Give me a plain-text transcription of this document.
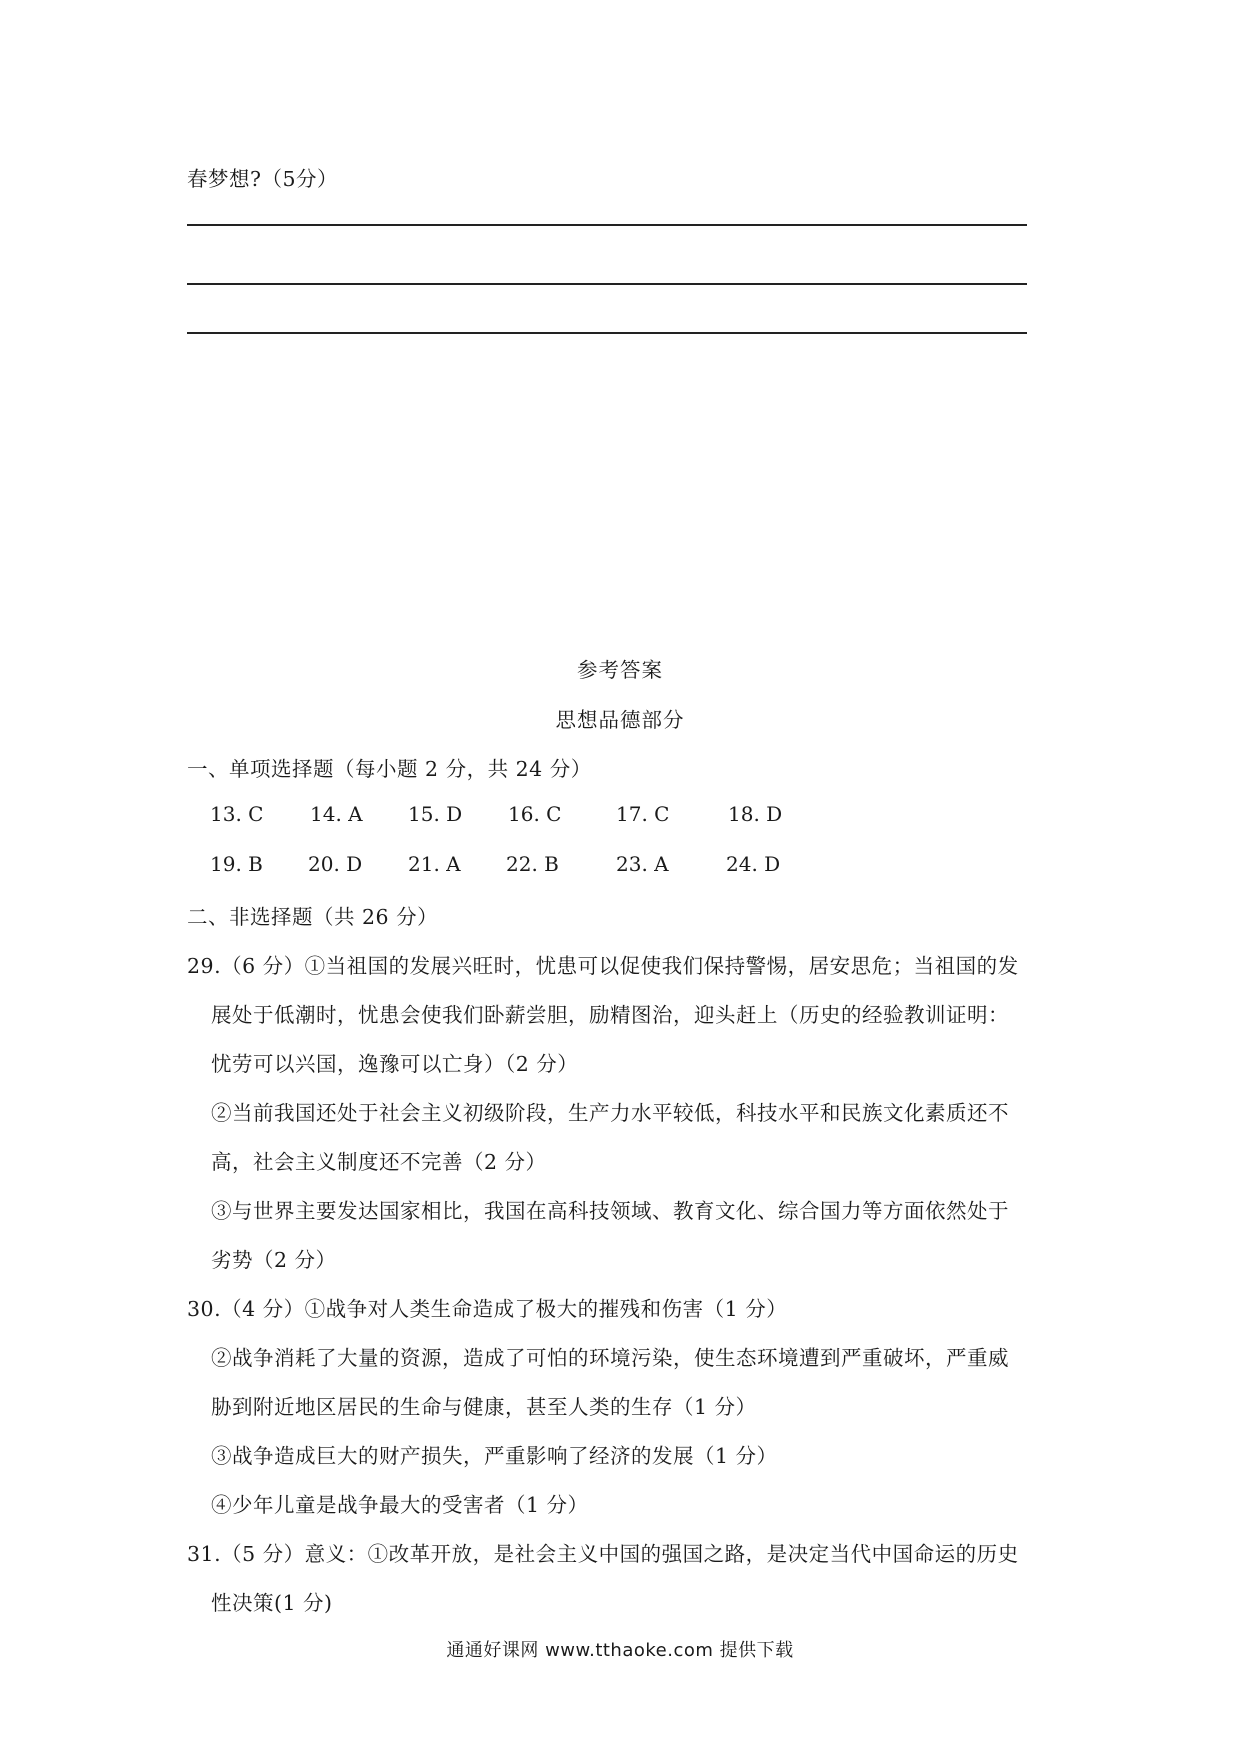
春梦想?（5分）
参考答案
思想品德部分
一、单项选择题（每小题 2 分，共 24 分）
13. C 14. A 15. D 16. C	17. C	18. D
19. B 20. D 21. A 22. B	23. A	24. D
二、非选择题（共 26 分）
29.（6 分）①当祖国的发展兴旺时，忧患可以促使我们保持警惕，居安思危；当祖国的发
展处于低潮时，忧患会使我们卧薪尝胆，励精图治，迎头赶上（历史的经验教训证明：
忧劳可以兴国，逸豫可以亡身）（2 分）
②当前我国还处于社会主义初级阶段，生产力水平较低，科技水平和民族文化素质还不
高，社会主义制度还不完善（2 分）
③与世界主要发达国家相比，我国在高科技领域、教育文化、综合国力等方面依然处于
劣势（2 分）
30.（4 分）①战争对人类生命造成了极大的摧残和伤害（1 分）
②战争消耗了大量的资源，造成了可怕的环境污染，使生态环境遭到严重破坏，严重威
胁到附近地区居民的生命与健康，甚至人类的生存（1 分）
③战争造成巨大的财产损失，严重影响了经济的发展（1 分）
④少年儿童是战争最大的受害者（1 分）
31.（5 分）意义：①改革开放，是社会主义中国的强国之路，是决定当代中国命运的历史
性决策(1 分)
通通好课网 www.tthaoke.com 提供下载
